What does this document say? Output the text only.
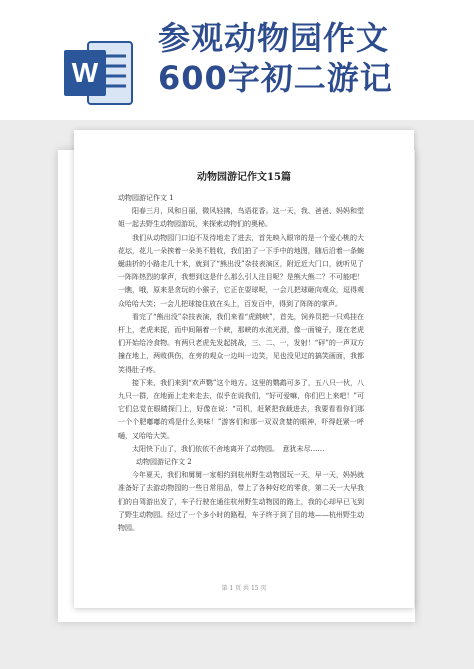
W
参观动物园作文600字初二游记
动物园游记作文15篇

动物园游记作文 1

阳春三月，风和日丽，微风轻拂，鸟语花香。这一天，我、爸爸、妈妈和堂姐一起去野生动物园游玩，来探索动物们的奥秘。

我们从动物园门口迫不及待地走了进去，首先映入眼帘的是一个爱心桃的大花坛，花儿一朵挨着一朵美不胜收，我们拍了一下手中的地图，随后沿着一条蜿蜒曲折的小路走几十米，就到了“熊出没”杂技表演区，附近近大门口，就听见了一阵阵热烈的掌声，我想到这是什么那么引人注目呢？是熊大熊二？不可能吧！一瞧，哦，原来是贪玩的小猴子，它正在耍球呢，一会儿把球砸向观众，逗得观众哈哈大笑；一会儿把球接住放在头上，百发百中，得到了阵阵的掌声。

看完了“熊出没”杂技表演，我们来看“虎跳峡”，首先，饲养员把一只鸡挂在杆上，老虎来捉，而中间隔着一个峡，那峡的水流光滑，像一面镜子，现在老虎们开始给冷食物。有两只老虎先发起挑战，三、二、一，发射！“砰”的一声双方撞在地上，两败俱伤，在旁的观众一边叫一边笑，见也没见过的搞笑画面，我都笑得肚子疼。

接下来，我们来到“欢声鹦”这个地方。这里的鹦鹉可多了，五八只一伙，八九只一群，在地面上走来走去，似乎在说我们，“好可爱嘛，你们巴上来吧！”可它们总觉在眼睛探门上，好像在说：“司机，赶紧把我载进去，我要看看你们那一个个肥嘟嘟的鸡是什么美味！”游客们和那一双双贪婪的眼神，吓得赶紧一呼嗵，又哈哈大笑。

太阳快下山了，我们依依不舍地离开了动物园。　意犹未尽……

动物园游记作文 2

今年夏天，我们和舅舅一家相约到杭州野生动物园玩一天，早一天，妈妈就准备好了去游动物园的一些日常用品，带上了各种好吃的零食，第二天一大早我们的自驾游出发了，车子行驶在通往杭州野生动物园的路上，我的心却早已飞到了野生动物园。经过了一个多小时的路程，车子终于到了目的地——杭州野生动物园。

第 1 页 共 15 页
